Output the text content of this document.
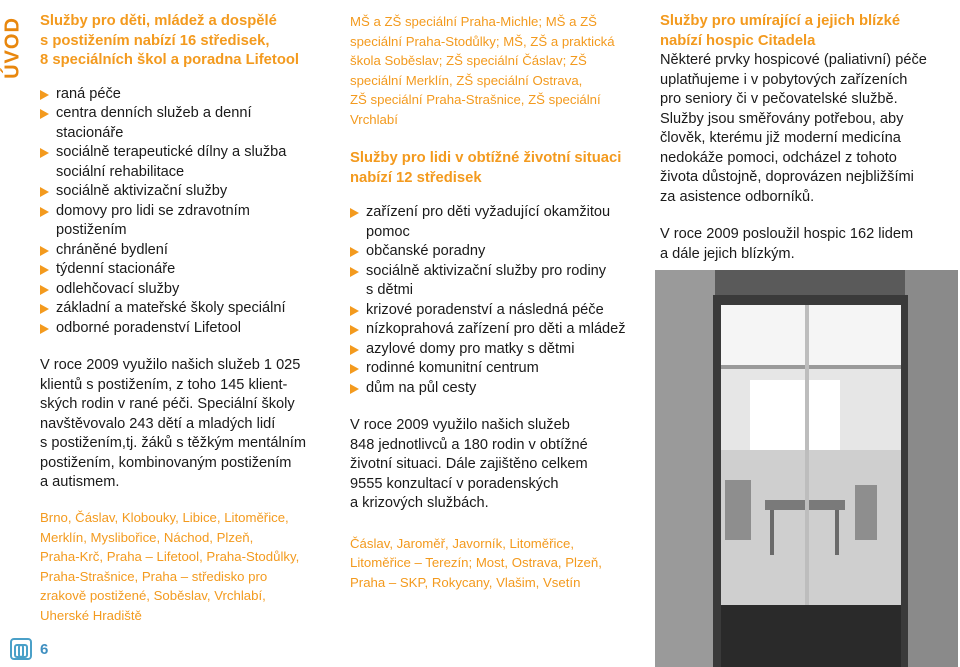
ÚVOD Služby pro děti, mládež a dospělé
s postižením nabízí 16 středisek,
8 speciálních škol a poradna Lifetool
raná péče
centra denních služeb a denní
stacionáře
sociálně terapeutické dílny a služba
sociální rehabilitace
sociálně aktivizační služby
domovy pro lidi se zdravotním
postižením
chráněné bydlení
týdenní stacionáře
odlehčovací služby
základní a mateřské školy speciální
odborné poradenství Lifetool
V roce 2009 využilo našich služeb 1 025
klientů s postižením, z toho 145 klient-
ských rodin v rané péči. Speciální školy
navštěvovalo 243 dětí a mladých lidí
s postižením,tj. žáků s těžkým mentálním
postižením, kombinovaným postižením
a autismem.
Brno, Čáslav, Klobouky, Libice, Litoměřice,
Merklín, Myslibořice, Náchod, Plzeň,
Praha-Krč, Praha – Lifetool, Praha-Stodůlky,
Praha-Strašnice, Praha – středisko pro
zrakově postižené, Soběslav, Vrchlabí,
Uherské Hradiště
MŠ a ZŠ speciální Praha-Michle; MŠ a ZŠ
speciální Praha-Stodůlky; MŠ, ZŠ a praktická
škola Soběslav; ZŠ speciální Čáslav; ZŠ
speciální Merklín, ZŠ speciální Ostrava,
ZŠ speciální Praha-Strašnice, ZŠ speciální
Vrchlabí
Služby pro lidi v obtížné životní situaci
nabízí 12 středisek
zařízení pro děti vyžadující okamžitou
pomoc
občanské poradny
sociálně aktivizační služby pro rodiny
s dětmi
krizové poradenství a následná péče
nízkoprahová zařízení pro děti a mládež
azylové domy pro matky s dětmi
rodinné komunitní centrum
dům na půl cesty
V roce 2009 využilo našich služeb
848 jednotlivců a 180 rodin v obtížné
životní situaci. Dále zajištěno celkem
9555 konzultací v poradenských
a krizových službách.
Čáslav, Jaroměř, Javorník, Litoměřice,
Litoměřice – Terezín; Most, Ostrava, Plzeň,
Praha – SKP, Rokycany, Vlašim, Vsetín
Služby pro umírající a jejich blízké
nabízí hospic Citadela
Některé prvky hospicové (paliativní) péče
uplatňujeme i v pobytových zařízeních
pro seniory či v pečovatelské službě.
Služby jsou směřovány potřebou, aby
člověk, kterému již moderní medicína
nedokáže pomoci, odcházel z tohoto
života důstojně, doprovázen nejbližšími
za asistence odborníků.
V roce 2009 posloužil hospic 162 lidem
a dále jejich blízkým.
6
